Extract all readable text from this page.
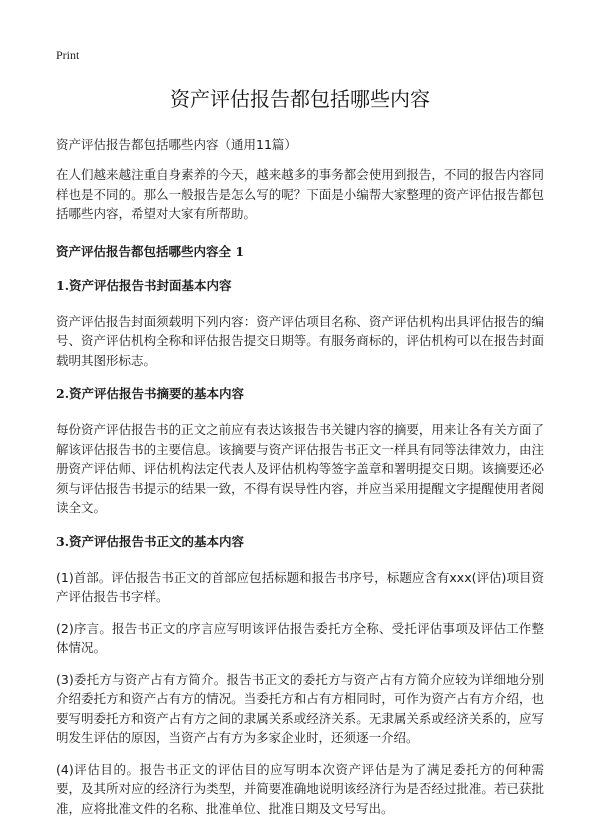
Print
资产评估报告都包括哪些内容

资产评估报告都包括哪些内容（通用11篇）

在人们越来越注重自身素养的今天，越来越多的事务都会使用到报告，不同的报告内容同样也是不同的。那么一般报告是怎么写的呢？下面是小编帮大家整理的资产评估报告都包括哪些内容，希望对大家有所帮助。

资产评估报告都包括哪些内容全 1

1.资产评估报告书封面基本内容

资产评估报告封面须载明下列内容：资产评估项目名称、资产评估机构出具评估报告的编号、资产评估机构全称和评估报告提交日期等。有服务商标的，评估机构可以在报告封面载明其图形标志。

2.资产评估报告书摘要的基本内容

每份资产评估报告书的正文之前应有表达该报告书关键内容的摘要，用来让各有关方面了解该评估报告书的主要信息。该摘要与资产评估报告书正文一样具有同等法律效力，由注册资产评估师、评估机构法定代表人及评估机构等签字盖章和署明提交日期。该摘要还必须与评估报告书提示的结果一致，不得有误导性内容，并应当采用提醒文字提醒使用者阅读全文。

3.资产评估报告书正文的基本内容

(1)首部。评估报告书正文的首部应包括标题和报告书序号，标题应含有xxx(评估)项目资产评估报告书字样。

(2)序言。报告书正文的序言应写明该评估报告委托方全称、受托评估事项及评估工作整体情况。

(3)委托方与资产占有方简介。报告书正文的委托方与资产占有方简介应较为详细地分别介绍委托方和资产占有方的情况。当委托方和占有方相同时，可作为资产占有方介绍，也要写明委托方和资产占有方之间的隶属关系或经济关系。无隶属关系或经济关系的，应写明发生评估的原因，当资产占有方为多家企业时，还须逐一介绍。

(4)评估目的。报告书正文的评估目的应写明本次资产评估是为了满足委托方的何种需要，及其所对应的经济行为类型，并简要准确地说明该经济行为是否经过批准。若已获批准，应将批准文件的名称、批准单位、批准日期及文号写出。
